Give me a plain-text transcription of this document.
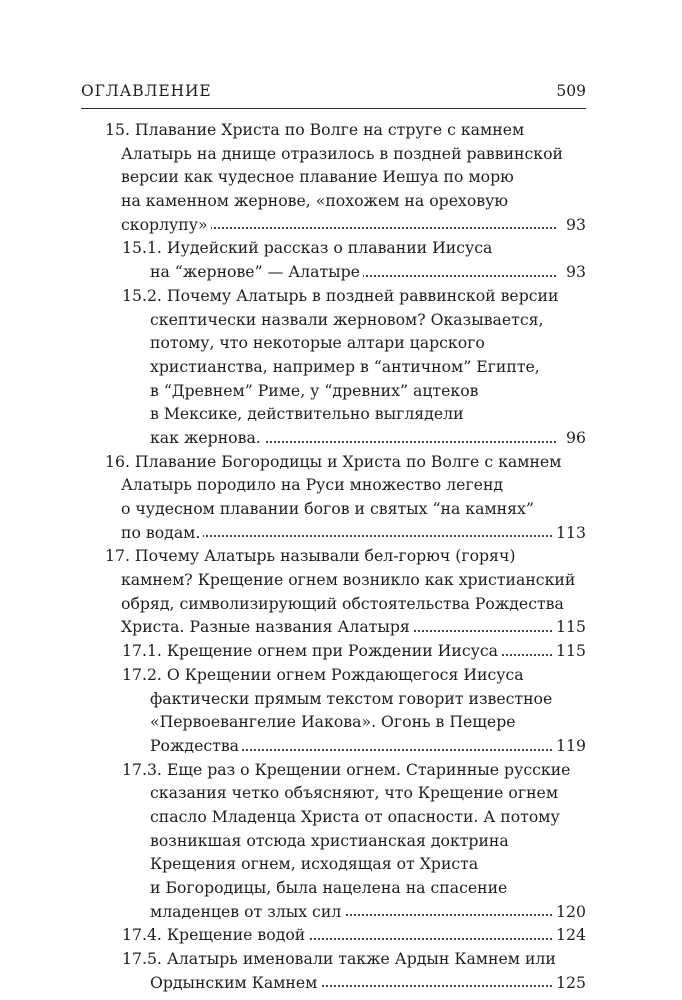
ОГЛАВЛЕНИЕ	509
15. Плавание Христа по Волге на струге с камнем
Алатырь на днище отразилось в поздней раввинской
версии как чудесное плавание Иешуа по морю
на каменном жернове, «похожем на ореховую
скорлупу»	93
15.1. Иудейский рассказ о плавании Иисуса
на “жернове” — Алатыре	93
15.2. Почему Алатырь в поздней раввинской версии
скептически назвали жерновом? Оказывается,
потому, что некоторые алтари царского
христианства, например в “античном” Египте,
в “Древнем” Риме, у “древних” ацтеков
в Мексике, действительно выглядели
как жернова.	96
16. Плавание Богородицы и Христа по Волге с камнем
Алатырь породило на Руси множество легенд
о чудесном плавании богов и святых “на камнях”
по водам.	113
17. Почему Алатырь называли бел-горюч (горяч)
камнем? Крещение огнем возникло как христианский
обряд, символизирующий обстоятельства Рождества
Христа. Разные названия Алатыря	115
17.1. Крещение огнем при Рождении Иисуса	115
17.2. О Крещении огнем Рождающегося Иисуса
фактически прямым текстом говорит известное
«Первоевангелие Иакова». Огонь в Пещере
Рождества	119
17.3. Еще раз о Крещении огнем. Старинные русские
сказания четко объясняют, что Крещение огнем
спасло Младенца Христа от опасности. А потому
возникшая отсюда христианская доктрина
Крещения огнем, исходящая от Христа
и Богородицы, была нацелена на спасение
младенцев от злых сил	120
17.4. Крещение водой	124
17.5. Алатырь именовали также Ардын Камнем или
Ордынским Камнем	125
